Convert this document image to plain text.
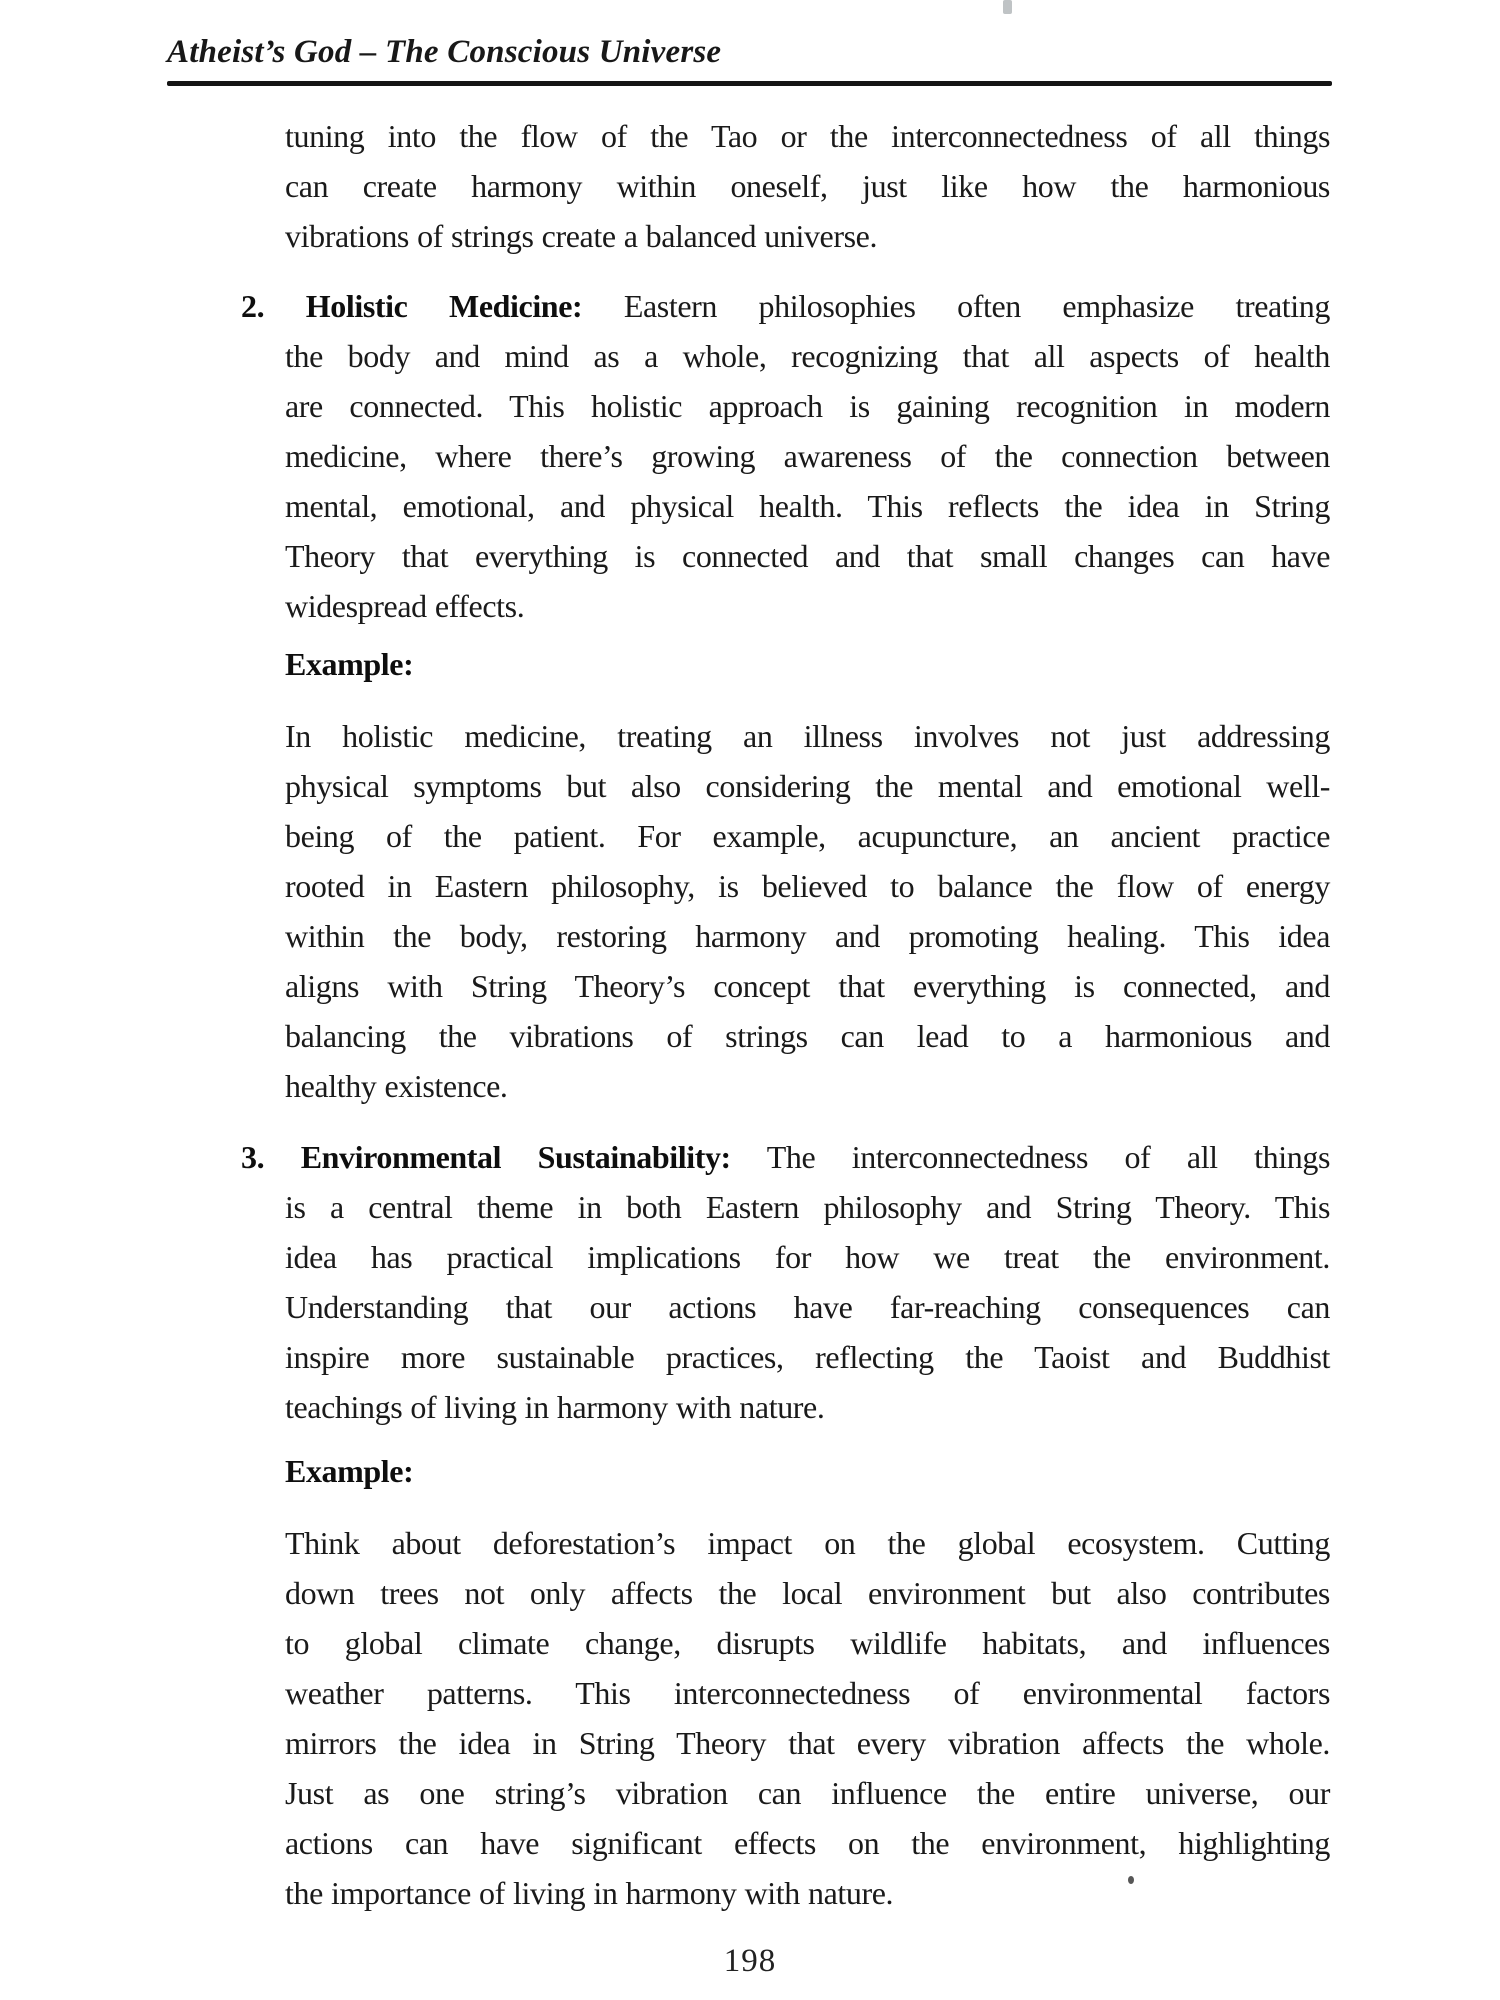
Atheist’s God – The Conscious Universe
tuning into the flow of the Tao or the interconnectedness of all things
can create harmony within oneself, just like how the harmonious
vibrations of strings create a balanced universe.
2. Holistic Medicine: Eastern philosophies often emphasize treating
the body and mind as a whole, recognizing that all aspects of health
are connected. This holistic approach is gaining recognition in modern
medicine, where there’s growing awareness of the connection between
mental, emotional, and physical health. This reflects the idea in String
Theory that everything is connected and that small changes can have
widespread effects.
Example:
In holistic medicine, treating an illness involves not just addressing
physical symptoms but also considering the mental and emotional well-
being of the patient. For example, acupuncture, an ancient practice
rooted in Eastern philosophy, is believed to balance the flow of energy
within the body, restoring harmony and promoting healing. This idea
aligns with String Theory’s concept that everything is connected, and
balancing the vibrations of strings can lead to a harmonious and
healthy existence.
3. Environmental Sustainability: The interconnectedness of all things
is a central theme in both Eastern philosophy and String Theory. This
idea has practical implications for how we treat the environment.
Understanding that our actions have far-reaching consequences can
inspire more sustainable practices, reflecting the Taoist and Buddhist
teachings of living in harmony with nature.
Example:
Think about deforestation’s impact on the global ecosystem. Cutting
down trees not only affects the local environment but also contributes
to global climate change, disrupts wildlife habitats, and influences
weather patterns. This interconnectedness of environmental factors
mirrors the idea in String Theory that every vibration affects the whole.
Just as one string’s vibration can influence the entire universe, our
actions can have significant effects on the environment, highlighting
the importance of living in harmony with nature.
198
